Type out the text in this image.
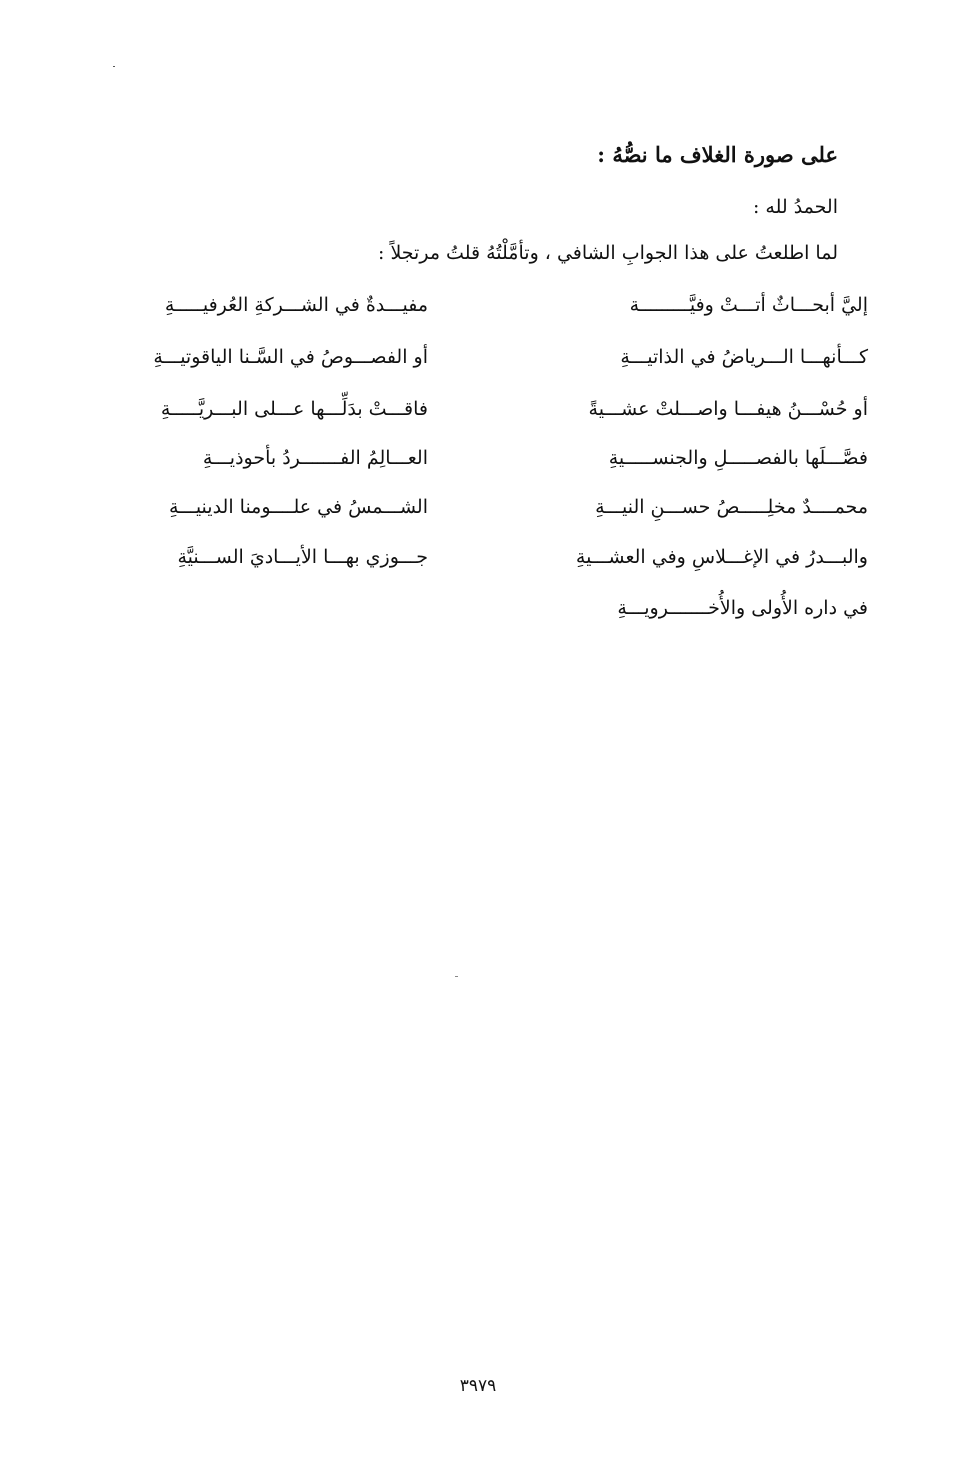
على صورة الغلاف ما نصُّهُ :
الحمدُ لله :
لما اطلعتُ على هذا الجوابِ الشافي ، وتأمَّلْتُهُ قلتُ مرتجلاً :
إليَّ أبحـــاثٌ أتـــتْ وفيَّـــــــــة
مفيـــدةٌ في الشـــركةِ العُرفيـــــةِ
كـــأنهـــا الـــرياضُ في الذاتيـــةِ
أو الفصـــوصُ في السَّـنا الياقوتيـــةِ
أو حُسْـــنُ هيفـــا واصـــلتْ عشـــيةً
فاقـــتْ بدَلِّـــها عـــلى البـــريَّـــــةِ
فصَّـــلَها بالفصـــــلِ والجنســـــيةِ
العـــالِمُ الفـــــــردُ بأحوذيـــةِ
محمــــدٌ مخلِـــــصُ حســـنِ النيـــةِ
الشـــمسُ في علــــومنا الدينيـــةِ
والبـــدرُ في الإغـــلاسِ وفي العشـــيةِ
جـــوزي بهـــا الأيـــاديَ الســـنيَّةِ
في داره الأُولى والأُخـــــــرويـــةِ
٣٩٧٩
